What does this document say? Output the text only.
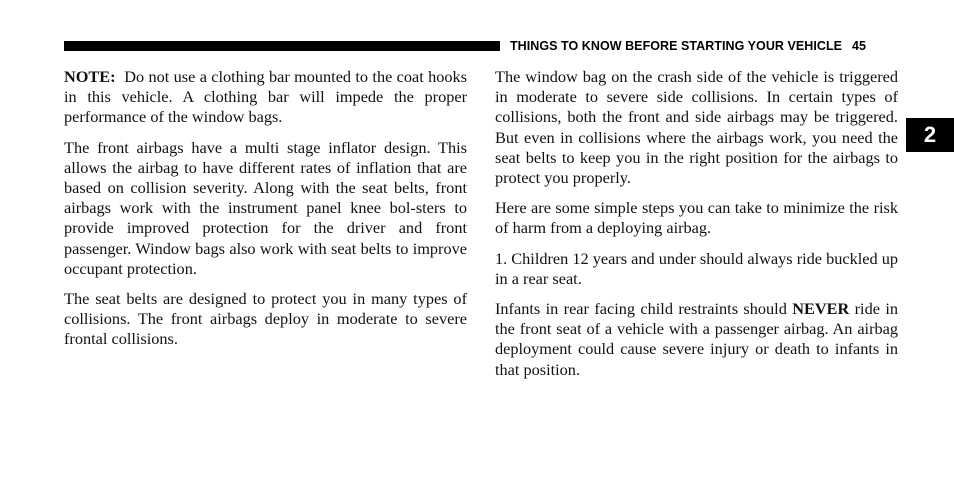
THINGS TO KNOW BEFORE STARTING YOUR VEHICLE 45
2

NOTE: Do not use a clothing bar mounted to the coat hooks in this vehicle. A clothing bar will impede the proper performance of the window bags.

The front airbags have a multi stage inflator design. This allows the airbag to have different rates of inflation that are based on collision severity. Along with the seat belts, front airbags work with the instrument panel knee bol-sters to provide improved protection for the driver and front passenger. Window bags also work with seat belts to improve occupant protection.

The seat belts are designed to protect you in many types of collisions. The front airbags deploy in moderate to severe frontal collisions.

The window bag on the crash side of the vehicle is triggered in moderate to severe side collisions. In certain types of collisions, both the front and side airbags may be triggered. But even in collisions where the airbags work, you need the seat belts to keep you in the right position for the airbags to protect you properly.

Here are some simple steps you can take to minimize the risk of harm from a deploying airbag.

1. Children 12 years and under should always ride buckled up in a rear seat.

Infants in rear facing child restraints should NEVER ride in the front seat of a vehicle with a passenger airbag. An airbag deployment could cause severe injury or death to infants in that position.
